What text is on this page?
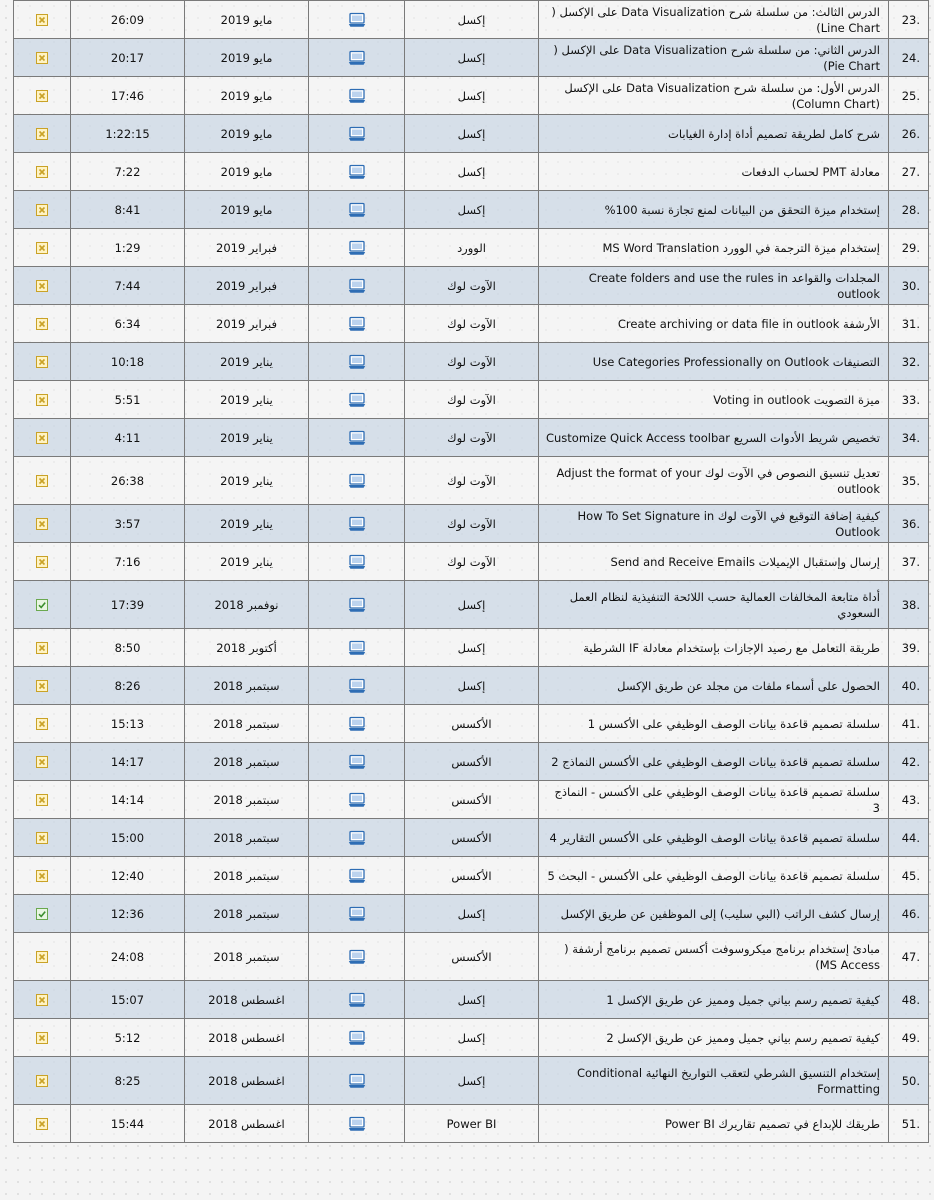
	26:09	مايو 2019		إكسل	الدرس الثالث: من سلسلة شرح Data Visualization على الإكسل ( Line Chart)	.23

	20:17	مايو 2019		إكسل	الدرس الثاني: من سلسلة شرح Data Visualization على الإكسل ( Pie Chart)	.24

	17:46	مايو 2019		إكسل	الدرس الأول: من سلسلة شرح Data Visualization على الإكسل (Column Chart)	.25

	1:22:15	مايو 2019		إكسل	شرح كامل لطريقة تصميم أداة إدارة الغيابات	.26

	7:22	مايو 2019		إكسل	معادلة PMT لحساب الدفعات	.27

	8:41	مايو 2019		إكسل	إستخدام ميزة التحقق من البيانات لمنع تجازة نسبة 100%	.28

	1:29	فبراير 2019		الوورد	إستخدام ميزة الترجمة في الوورد MS Word Translation	.29

	7:44	فبراير 2019		الآوت لوك	المجلدات والقواعد Create folders and use the rules in outlook	.30

	6:34	فبراير 2019		الآوت لوك	الأرشفة Create archiving or data file in outlook	.31

	10:18	يناير 2019		الآوت لوك	التصنيفات Use Categories Professionally on Outlook	.32

	5:51	يناير 2019		الآوت لوك	ميزة التصويت Voting in outlook	.33

	4:11	يناير 2019		الآوت لوك	تخصيص شريط الأدوات السريع Customize Quick Access toolbar	.34

	26:38	يناير 2019		الآوت لوك	تعديل تنسيق النصوص في الآوت لوك Adjust the format of your outlook	.35

	3:57	يناير 2019		الآوت لوك	كيفية إضافة التوقيع في الآوت لوك How To Set Signature in Outlook	.36

	7:16	يناير 2019		الآوت لوك	إرسال وإستقبال الإيميلات Send and Receive Emails	.37

	17:39	نوفمبر 2018		إكسل	أداة متابعة المخالفات العمالية حسب اللائحة التنفيذية لنظام العمل السعودي	.38

	8:50	أكتوبر 2018		إكسل	طريقة التعامل مع رصيد الإجازات بإستخدام معادلة IF الشرطية	.39

	8:26	سبتمبر 2018		إكسل	الحصول على أسماء ملفات من مجلد عن طريق الإكسل	.40

	15:13	سبتمبر 2018		الأكسس	سلسلة تصميم قاعدة بيانات الوصف الوظيفي على الأكسس 1	.41

	14:17	سبتمبر 2018		الأكسس	سلسلة تصميم قاعدة بيانات الوصف الوظيفي على الأكسس النماذج 2	.42

	14:14	سبتمبر 2018		الأكسس	سلسلة تصميم قاعدة بيانات الوصف الوظيفي على الأكسس - النماذج 3	.43

	15:00	سبتمبر 2018		الأكسس	سلسلة تصميم قاعدة بيانات الوصف الوظيفي على الأكسس التقارير 4	.44

	12:40	سبتمبر 2018		الأكسس	سلسلة تصميم قاعدة بيانات الوصف الوظيفي على الأكسس - البحث 5	.45

	12:36	سبتمبر 2018		إكسل	إرسال كشف الراتب (البي سليب) إلى الموظفين عن طريق الإكسل	.46

	24:08	سبتمبر 2018		الأكسس	مبادئ إستخدام برنامج ميكروسوفت أكسس تصميم برنامج أرشفة ( MS Access)	.47

	15:07	اغسطس 2018		إكسل	كيفية تصميم رسم بياني جميل ومميز عن طريق الإكسل 1	.48

	5:12	اغسطس 2018		إكسل	كيفية تصميم رسم بياني جميل ومميز عن طريق الإكسل 2	.49

	8:25	اغسطس 2018		إكسل	إستخدام التنسيق الشرطي لتعقب التواريخ النهائية Conditional Formatting	.50

	15:44	اغسطس 2018		Power BI	طريقك للإبداع في تصميم تقاريرك Power BI	.51
